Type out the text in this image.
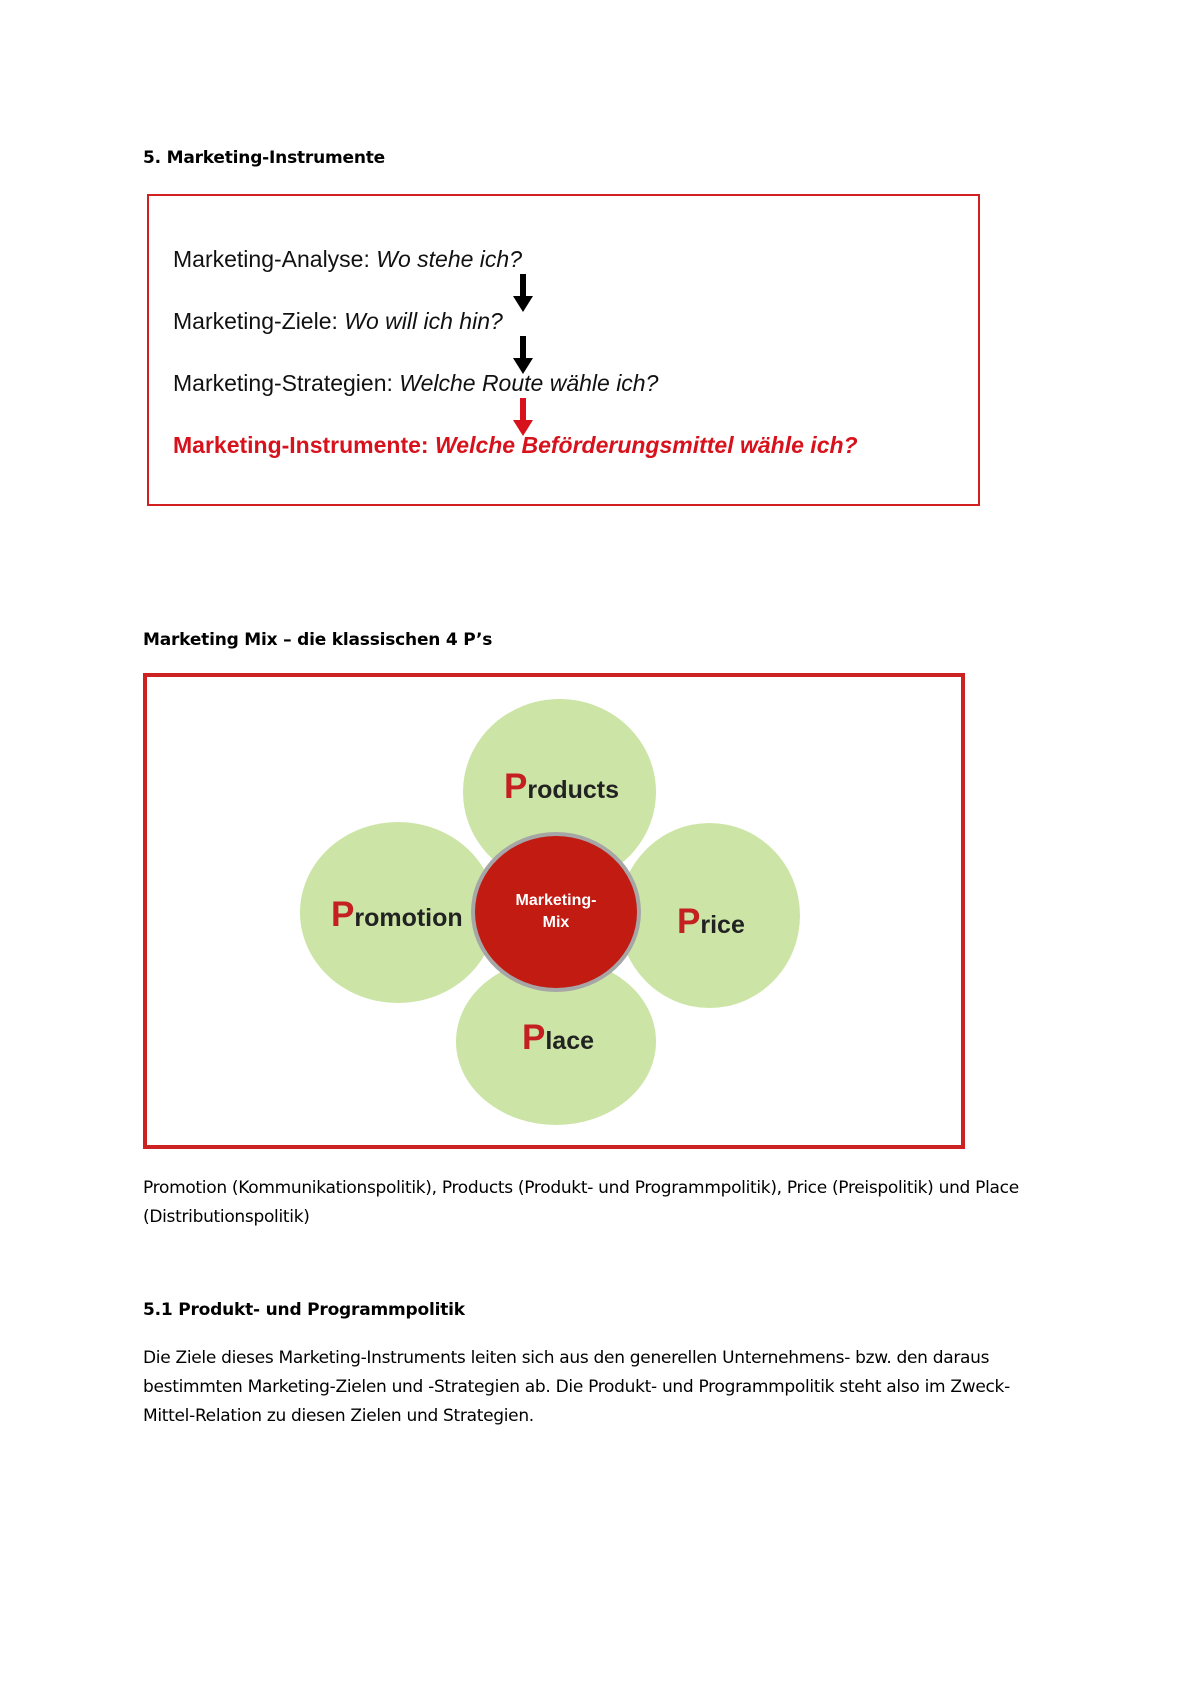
5. Marketing-Instrumente
Marketing-Analyse: Wo stehe ich?
Marketing-Ziele: Wo will ich hin?
Marketing-Strategien: Welche Route wähle ich?
Marketing-Instrumente: Welche Beförderungsmittel wähle ich?
Marketing Mix – die klassischen 4 P’s
Marketing-
Mix
Products
Promotion	Price
Place

Promotion (Kommunikationspolitik), Products (Produkt- und Programmpolitik), Price (Preispolitik) und Place (Distributionspolitik)

5.1 Produkt- und Programmpolitik

Die Ziele dieses Marketing-Instruments leiten sich aus den generellen Unternehmens- bzw. den daraus bestimmten Marketing-Zielen und -Strategien ab. Die Produkt- und Programmpolitik steht also im Zweck-Mittel-Relation zu diesen Zielen und Strategien.
